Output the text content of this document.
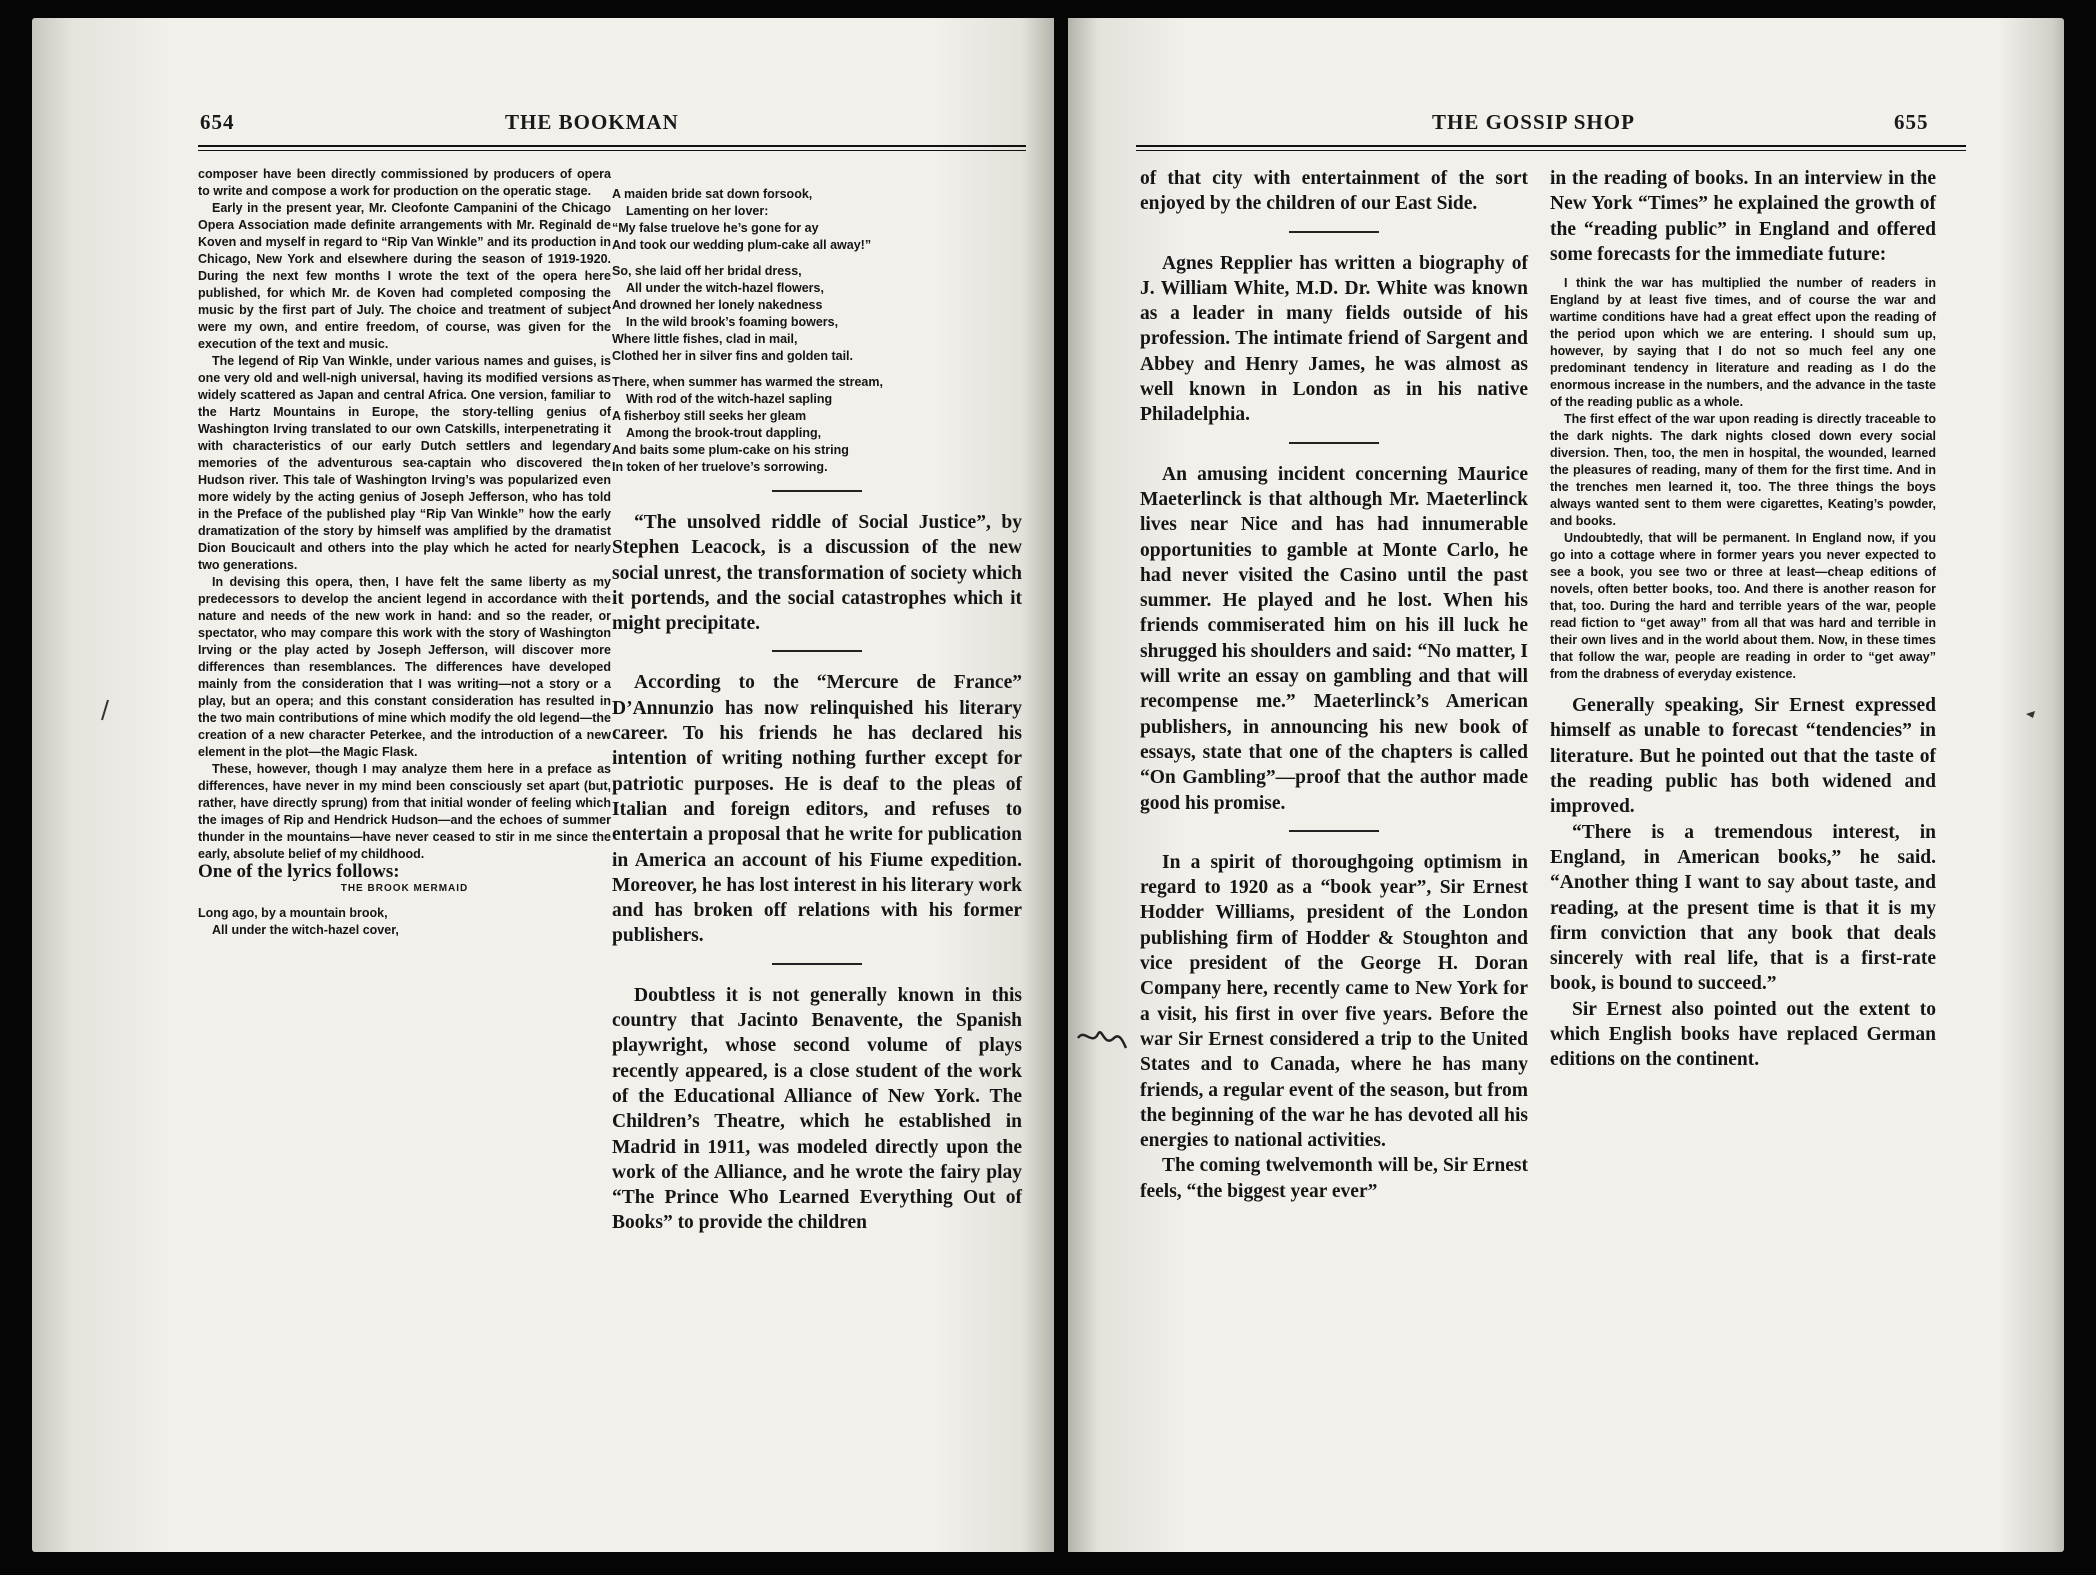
654	THE BOOKMAN

composer have been directly commissioned by producers of opera to write and compose a work for production on the operatic stage.

Early in the present year, Mr. Cleofonte Campanini of the Chicago Opera Association made definite arrangements with Mr. Reginald de Koven and myself in regard to “Rip Van Winkle” and its production in Chicago, New York and elsewhere during the season of 1919-1920. During the next few months I wrote the text of the opera here published, for which Mr. de Koven had completed composing the music by the first part of July. The choice and treatment of subject were my own, and entire freedom, of course, was given for the execution of the text and music.

The legend of Rip Van Winkle, under various names and guises, is one very old and well-nigh universal, having its modified versions as widely scattered as Japan and central Africa. One version, familiar to the Hartz Mountains in Europe, the story-telling genius of Washington Irving translated to our own Catskills, interpenetrating it with characteristics of our early Dutch settlers and legendary memories of the adventurous sea-captain who discovered the Hudson river. This tale of Washington Irving’s was popularized even more widely by the acting genius of Joseph Jefferson, who has told in the Preface of the published play “Rip Van Winkle” how the early dramatization of the story by himself was amplified by the dramatist Dion Boucicault and others into the play which he acted for nearly two generations.

In devising this opera, then, I have felt the same liberty as my predecessors to develop the ancient legend in accordance with the nature and needs of the new work in hand: and so the reader, or spectator, who may compare this work with the story of Washington Irving or the play acted by Joseph Jefferson, will discover more differences than resemblances. The differences have developed mainly from the consideration that I was writing—not a story or a play, but an opera; and this constant consideration has resulted in the two main contributions of mine which modify the old legend—the creation of a new character Peterkee, and the introduction of a new element in the plot—the Magic Flask.

These, however, though I may analyze them here in a preface as differences, have never in my mind been consciously set apart (but, rather, have directly sprung) from that initial wonder of feeling which the images of Rip and Hendrick Hudson—and the echoes of summer thunder in the mountains—have never ceased to stir in me since the early, absolute belief of my childhood.

One of the lyrics follows:

THE BROOK MERMAID
Long ago, by a mountain brook,
All under the witch-hazel cover,
A maiden bride sat down forsook,
Lamenting on her lover:
“My false truelove he’s gone for ay
And took our wedding plum-cake all away!”
So, she laid off her bridal dress,
All under the witch-hazel flowers,
And drowned her lonely nakedness
In the wild brook’s foaming bowers,
Where little fishes, clad in mail,
Clothed her in silver fins and golden tail.
There, when summer has warmed the stream,
With rod of the witch-hazel sapling
A fisherboy still seeks her gleam
Among the brook-trout dappling,
And baits some plum-cake on his string
In token of her truelove’s sorrowing.

“The unsolved riddle of Social Justice”, by Stephen Leacock, is a discussion of the new social unrest, the transformation of society which it portends, and the social catastrophes which it might precipitate.

According to the “Mercure de France” D’Annunzio has now relinquished his literary career. To his friends he has declared his intention of writing nothing further except for patriotic purposes. He is deaf to the pleas of Italian and foreign editors, and refuses to entertain a proposal that he write for publication in America an account of his Fiume expedition. Moreover, he has lost interest in his literary work and has broken off relations with his former publishers.

Doubtless it is not generally known in this country that Jacinto Benavente, the Spanish playwright, whose second volume of plays recently appeared, is a close student of the work of the Educational Alliance of New York. The Children’s Theatre, which he established in Madrid in 1911, was modeled directly upon the work of the Alliance, and he wrote the fairy play “The Prince Who Learned Everything Out of Books” to provide the children

THE GOSSIP SHOP	655

of that city with entertainment of the sort enjoyed by the children of our East Side.

Agnes Repplier has written a biography of J. William White, M.D. Dr. White was known as a leader in many fields outside of his profession. The intimate friend of Sargent and Abbey and Henry James, he was almost as well known in London as in his native Philadelphia.

An amusing incident concerning Maurice Maeterlinck is that although Mr. Maeterlinck lives near Nice and has had innumerable opportunities to gamble at Monte Carlo, he had never visited the Casino until the past summer. He played and he lost. When his friends commiserated him on his ill luck he shrugged his shoulders and said: “No matter, I will write an essay on gambling and that will recompense me.” Maeterlinck’s American publishers, in announcing his new book of essays, state that one of the chapters is called “On Gambling”—proof that the author made good his promise.

In a spirit of thoroughgoing optimism in regard to 1920 as a “book year”, Sir Ernest Hodder Williams, president of the London publishing firm of Hodder & Stoughton and vice president of the George H. Doran Company here, recently came to New York for a visit, his first in over five years. Before the war Sir Ernest considered a trip to the United States and to Canada, where he has many friends, a regular event of the season, but from the beginning of the war he has devoted all his energies to national activities.

The coming twelvemonth will be, Sir Ernest feels, “the biggest year ever”

in the reading of books. In an interview in the New York “Times” he explained the growth of the “reading public” in England and offered some forecasts for the immediate future:

I think the war has multiplied the number of readers in England by at least five times, and of course the war and wartime conditions have had a great effect upon the reading of the period upon which we are entering. I should sum up, however, by saying that I do not so much feel any one predominant tendency in literature and reading as I do the enormous increase in the numbers, and the advance in the taste of the reading public as a whole.

The first effect of the war upon reading is directly traceable to the dark nights. The dark nights closed down every social diversion. Then, too, the men in hospital, the wounded, learned the pleasures of reading, many of them for the first time. And in the trenches men learned it, too. The three things the boys always wanted sent to them were cigarettes, Keating’s powder, and books.

Undoubtedly, that will be permanent. In England now, if you go into a cottage where in former years you never expected to see a book, you see two or three at least—cheap editions of novels, often better books, too. And there is another reason for that, too. During the hard and terrible years of the war, people read fiction to “get away” from all that was hard and terrible in their own lives and in the world about them. Now, in these times that follow the war, people are reading in order to “get away” from the drabness of everyday existence.

Generally speaking, Sir Ernest expressed himself as unable to forecast “tendencies” in literature. But he pointed out that the taste of the reading public has both widened and improved.

“There is a tremendous interest, in England, in American books,” he said. “Another thing I want to say about taste, and reading, at the present time is that it is my firm conviction that any book that deals sincerely with real life, that is a first-rate book, is bound to succeed.”

Sir Ernest also pointed out the extent to which English books have replaced German editions on the continent.
